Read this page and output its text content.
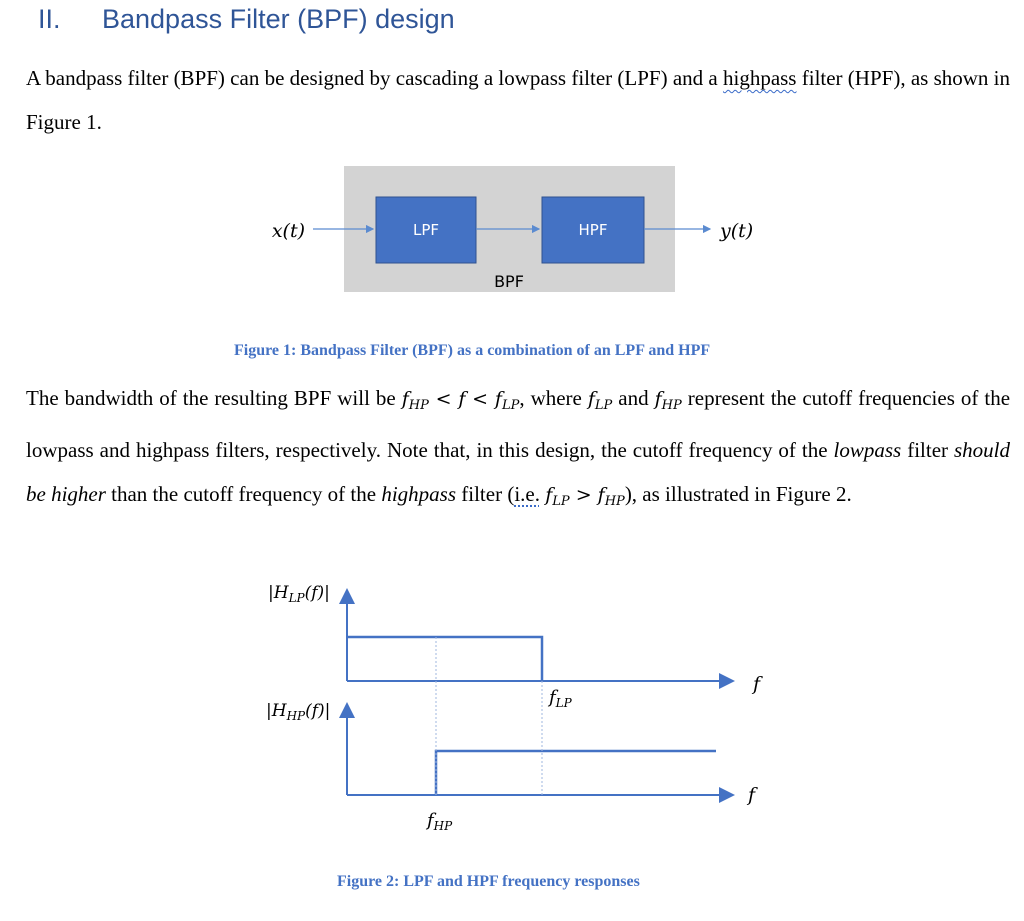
II. Bandpass Filter (BPF) design
A bandpass filter (BPF) can be designed by cascading a lowpass filter (LPF) and a highpass filter (HPF), as shown in Figure 1.
LPF	HPF
BPF
x(t)	y(t)
Figure 1: Bandpass Filter (BPF) as a combination of an LPF and HPF
The bandwidth of the resulting BPF will be $f_{HP} < f < f_{LP}$, where $f_{LP}$ and $f_{HP}$ represent the cutoff frequencies of the lowpass and highpass filters, respectively. Note that, in this design, the cutoff frequency of the lowpass filter should be higher than the cutoff frequency of the highpass filter (i.e. $f_{LP} > f_{HP}$), as illustrated in Figure 2.
$|H_{LP}(f)|$
$|H_{HP}(f)|$
f
f
$f_{LP}$
$f_{HP}$
Figure 2: LPF and HPF frequency responses
